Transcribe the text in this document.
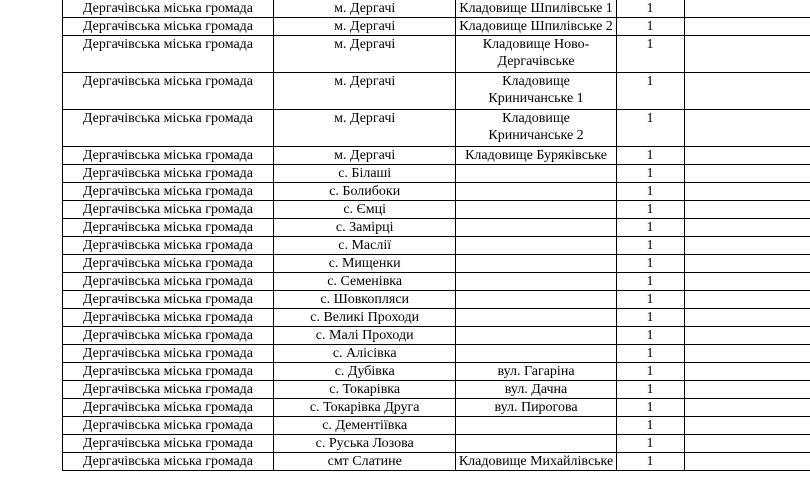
Дергачівська міська громада	м. Дергачі	Кладовище Шпилівське 1	1	
Дергачівська міська громада	м. Дергачі	Кладовище Шпилівське 2	1	
Дергачівська міська громада	м. Дергачі	Кладовище Ново-Дергачівське	1	
Дергачівська міська громада	м. Дергачі	Кладовище Криничанське 1	1	
Дергачівська міська громада	м. Дергачі	Кладовище Криничанське 2	1	
Дергачівська міська громада	м. Дергачі	Кладовище Буряківське	1	
Дергачівська міська громада	с. Білаші		1	
Дергачівська міська громада	с. Болибоки		1	
Дергачівська міська громада	с. Ємці		1	
Дергачівська міська громада	с. Замірці		1	
Дергачівська міська громада	с. Маслії		1	
Дергачівська міська громада	с. Мищенки		1	
Дергачівська міська громада	с. Семенівка		1	
Дергачівська міська громада	с. Шовкопляси		1	
Дергачівська міська громада	с. Великі Проходи		1	
Дергачівська міська громада	с. Малі Проходи		1	
Дергачівська міська громада	с. Алісівка		1	
Дергачівська міська громада	с. Дубівка	вул. Гагаріна	1	
Дергачівська міська громада	с. Токарівка	вул. Дачна	1	
Дергачівська міська громада	с. Токарівка Друга	вул. Пирогова	1	
Дергачівська міська громада	с. Дементіївка		1	
Дергачівська міська громада	с. Руська Лозова		1	
Дергачівська міська громада	смт Слатине	Кладовище Михайлівське	1	
